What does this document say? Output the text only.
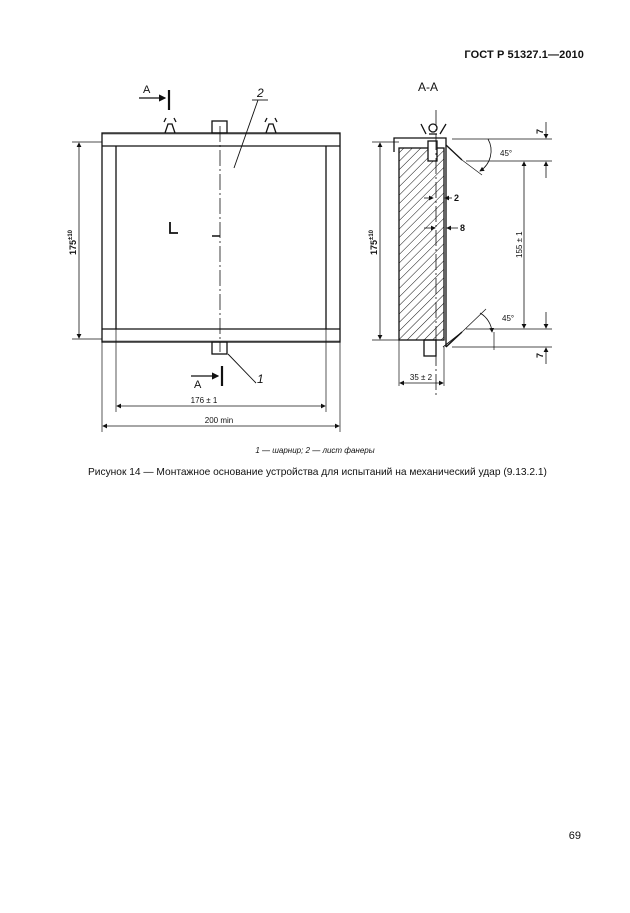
ГОСТ Р 51327.1—2010
А
А
2
1
$175^{\pm 10}$
176 ± 1
200 min
А-А
$175^{\pm 10}$	155 ± 1
7
7
45°
45°
2
8
35 ± 2
1 — шарнир; 2 — лист фанеры
Рисунок 14 — Монтажное основание устройства для испытаний на механический удар (9.13.2.1)
69
